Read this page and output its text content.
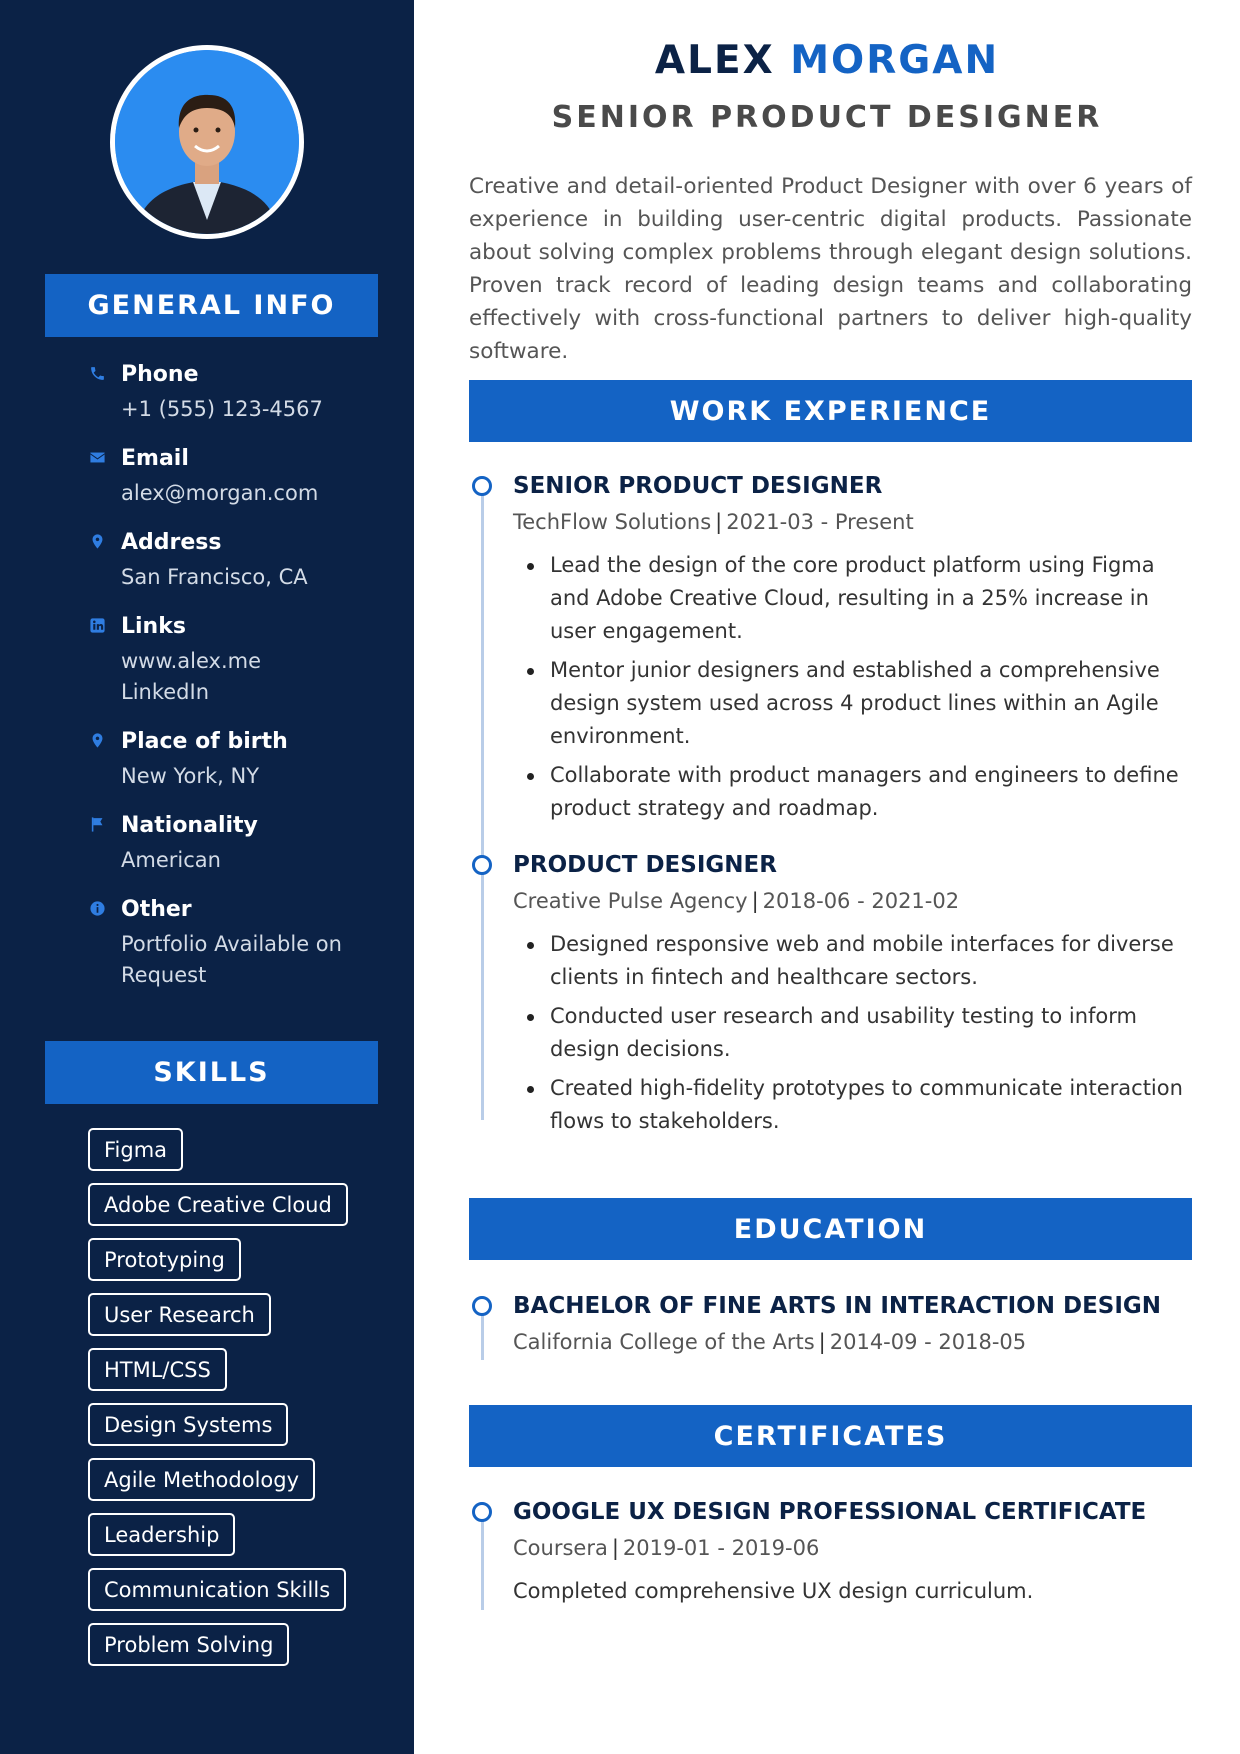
GENERAL INFO
Phone
+1 (555) 123-4567
Email
alex@morgan.com
Address
San Francisco, CA
Links
www.alex.me
LinkedIn
Place of birth
New York, NY
Nationality
American
Other
Portfolio Available on
Request
SKILLS
Figma
Adobe Creative Cloud
Prototyping
User Research
HTML/CSS
Design Systems
Agile Methodology
Leadership
Communication Skills
Problem Solving
ALEX MORGAN
SENIOR PRODUCT DESIGNER
Creative and detail-oriented Product Designer with over 6 years of experience in building user-centric digital products. Passionate about solving complex problems through elegant design solutions. Proven track record of leading design teams and collaborating effectively with cross-functional partners to deliver high-quality software.
WORK EXPERIENCE
SENIOR PRODUCT DESIGNER
TechFlow Solutions | 2021-03 - Present
Lead the design of the core product platform using Figma and Adobe Creative Cloud, resulting in a 25% increase in user engagement.
Mentor junior designers and established a comprehensive design system used across 4 product lines within an Agile environment.
Collaborate with product managers and engineers to define product strategy and roadmap.
PRODUCT DESIGNER
Creative Pulse Agency | 2018-06 - 2021-02
Designed responsive web and mobile interfaces for diverse clients in fintech and healthcare sectors.
Conducted user research and usability testing to inform design decisions.
Created high-fidelity prototypes to communicate interaction flows to stakeholders.
EDUCATION
BACHELOR OF FINE ARTS IN INTERACTION DESIGN
California College of the Arts | 2014-09 - 2018-05
CERTIFICATES
GOOGLE UX DESIGN PROFESSIONAL CERTIFICATE
Coursera | 2019-01 - 2019-06
Completed comprehensive UX design curriculum.
